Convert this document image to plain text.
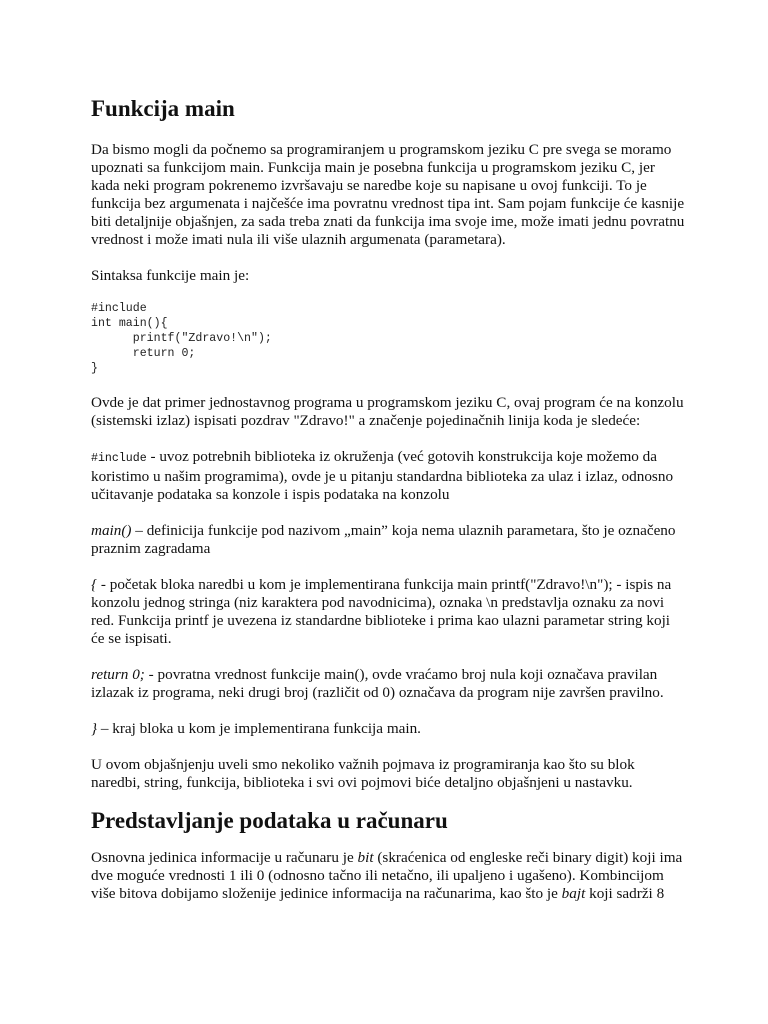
Funkcija main

Da bismo mogli da počnemo sa programiranjem u programskom jeziku C pre svega se moramo upoznati sa funkcijom main. Funkcija main je posebna funkcija u programskom jeziku C, jer kada neki program pokrenemo izvršavaju se naredbe koje su napisane u ovoj funkciji. To je funkcija bez argumenata i najčešće ima povratnu vrednost tipa int. Sam pojam funkcije će kasnije biti detaljnije objašnjen, za sada treba znati da funkcija ima svoje ime, može imati jednu povratnu vrednost i može imati nula ili više ulaznih argumenata (parametara).

Sintaksa funkcije main je:

#include
int main(){
printf("Zdravo!\n");
return 0;
}

Ovde je dat primer jednostavnog programa u programskom jeziku C, ovaj program će na konzolu (sistemski izlaz) ispisati pozdrav "Zdravo!" a značenje pojedinačnih linija koda je sledeće:

#include - uvoz potrebnih biblioteka iz okruženja (već gotovih konstrukcija koje možemo da koristimo u našim programima), ovde je u pitanju standardna biblioteka za ulaz i izlaz, odnosno učitavanje podataka sa konzole i ispis podataka na konzolu

main() – definicija funkcije pod nazivom „main” koja nema ulaznih parametara, što je označeno praznim zagradama

{ - početak bloka naredbi u kom je implementirana funkcija main printf("Zdravo!\n"); - ispis na konzolu jednog stringa (niz karaktera pod navodnicima), oznaka \n predstavlja oznaku za novi red. Funkcija printf je uvezena iz standardne biblioteke i prima kao ulazni parametar string koji će se ispisati.

return 0; - povratna vrednost funkcije main(), ovde vraćamo broj nula koji označava pravilan izlazak iz programa, neki drugi broj (različit od 0) označava da program nije završen pravilno.

} – kraj bloka u kom je implementirana funkcija main.

U ovom objašnjenju uveli smo nekoliko važnih pojmava iz programiranja kao što su blok naredbi, string, funkcija, biblioteka i svi ovi pojmovi biće detaljno objašnjeni u nastavku.

Predstavljanje podataka u računaru

Osnovna jedinica informacije u računaru je bit (skraćenica od engleske reči binary digit) koji ima dve moguće vrednosti 1 ili 0 (odnosno tačno ili netačno, ili upaljeno i ugašeno). Kombincijom više bitova dobijamo složenije jedinice informacija na računarima, kao što je bajt koji sadrži 8
